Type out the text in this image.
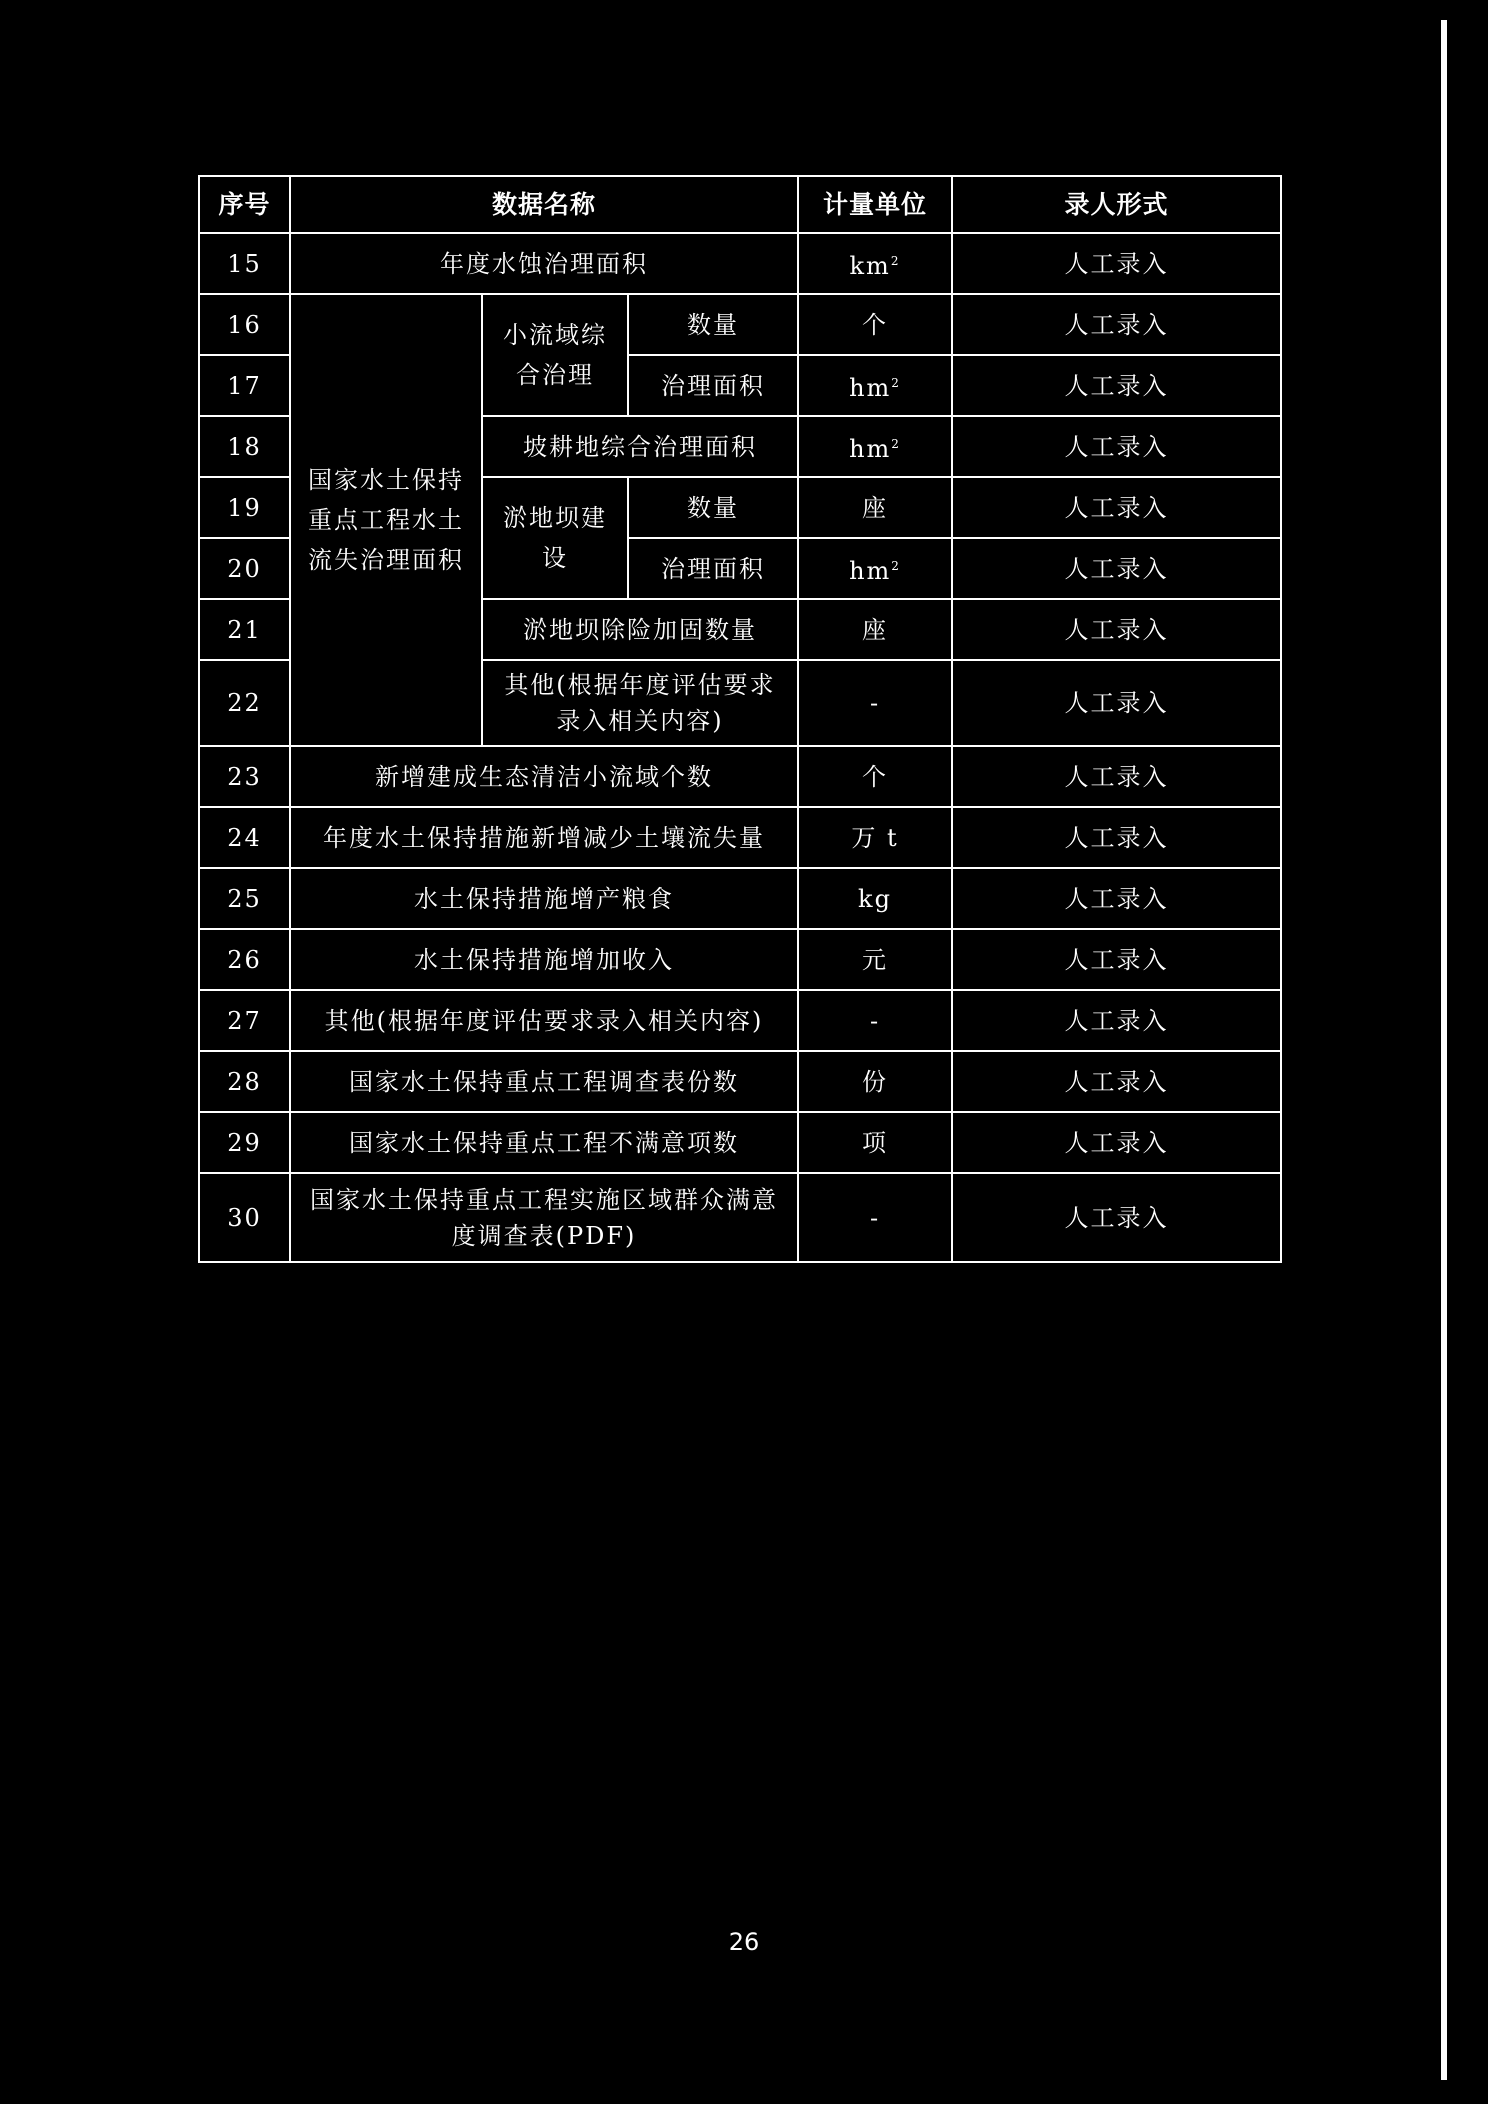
序号	数据名称			计量单位	录人形式
15	年度水蚀治理面积			$km^2$	人工录入
16	国家水土保持重点工程水土流失治理面积	小流域综合治理	数量	个	人工录入
17			治理面积	$hm^2$	人工录入
18		坡耕地综合治理面积		$hm^2$	人工录入
19		淤地坝建设	数量	座	人工录入
20			治理面积	$hm^2$	人工录入
21		淤地坝除险加固数量		座	人工录入
22		其他(根据年度评估要求录入相关内容)		-	人工录入
23	新增建成生态清洁小流域个数			个	人工录入
24	年度水土保持措施新增减少土壤流失量			万 t	人工录入
25	水土保持措施增产粮食			kg	人工录入
26	水土保持措施增加收入			元	人工录入
27	其他(根据年度评估要求录入相关内容)			-	人工录入
28	国家水土保持重点工程调查表份数			份	人工录入
29	国家水土保持重点工程不满意项数			项	人工录入
30	国家水土保持重点工程实施区域群众满意度调查表(PDF)			-	人工录入
26
